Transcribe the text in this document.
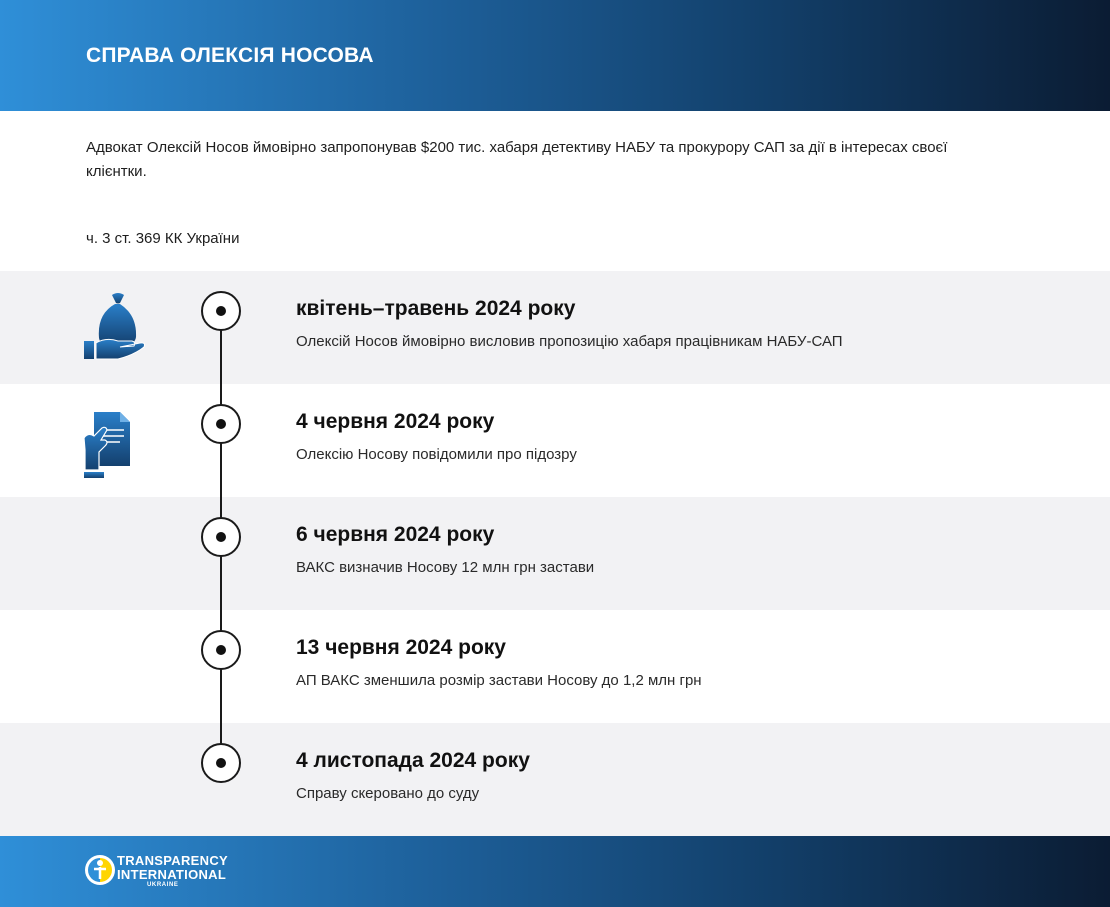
СПРАВА ОЛЕКСІЯ НОСОВА
Адвокат Олексій Носов ймовірно запропонував $200 тис. хабаря детективу НАБУ та прокурору САП за дії в інтересах своєї клієнтки.
ч. 3 ст. 369 КК України
квітень–травень 2024 року
Олексій Носов ймовірно висловив пропозицію хабаря працівникам НАБУ-САП
4 червня 2024 року
Олексію Носову повідомили про підозру
6 червня 2024 року
ВАКС визначив Носову 12 млн грн застави
13 червня 2024 року
АП ВАКС зменшила розмір застави Носову до 1,2 млн грн
4 листопада 2024 року
Справу скеровано до суду
TRANSPARENCY
INTERNATIONAL
UKRAINE
